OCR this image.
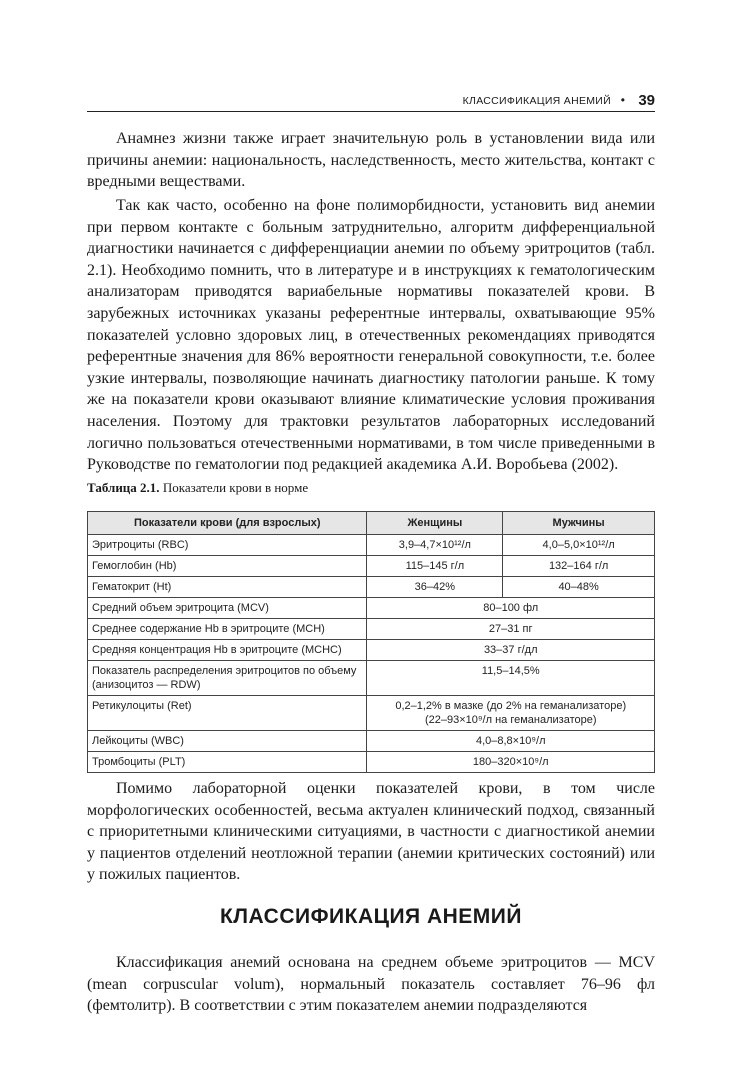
КЛАССИФИКАЦИЯ АНЕМИЙ • 39

Анамнез жизни также играет значительную роль в установлении вида или причины анемии: национальность, наследственность, место жительства, контакт с вредными веществами.

Так как часто, особенно на фоне полиморбидности, установить вид анемии при первом контакте с больным затруднительно, алгоритм дифференциальной диагностики начинается с дифференциации анемии по объему эритроцитов (табл. 2.1). Необходимо помнить, что в литературе и в инструкциях к гематологическим анализаторам приводятся вариабельные нормативы показателей крови. В зарубежных источниках указаны референтные интервалы, охватывающие 95% показателей условно здоровых лиц, в отечественных рекомендациях приводятся референтные значения для 86% вероятности генеральной совокупности, т.е. более узкие интервалы, позволяющие начинать диагностику патологии раньше. К тому же на показатели крови оказывают влияние климатические условия проживания населения. Поэтому для трактовки результатов лабораторных исследований логично пользоваться отечественными нормативами, в том числе приведенными в Руководстве по гематологии под редакцией академика А.И. Воробьева (2002).

Таблица 2.1. Показатели крови в норме
Показатели крови (для взрослых)	Женщины	Мужчины
Эритроциты (RBC)	3,9–4,7×10¹²/л	4,0–5,0×10¹²/л
Гемоглобин (Hb)	115–145 г/л	132–164 г/л
Гематокрит (Ht)	36–42%	40–48%
Средний объем эритроцита (MCV)	80–100 фл	
Среднее содержание Hb в эритроците (MCH)	27–31 пг	
Средняя концентрация Hb в эритроците (MCHC)	33–37 г/дл	

Показатель распределения эритроцитов по объему
(анизоцитоз — RDW)	11,5–14,5%	
Ретикулоциты (Ret)	0,2–1,2% в мазке (до 2% на геманализаторе)
(22–93×10⁹/л на геманализаторе)	

Лейкоциты (WBC)	4,0–8,8×10⁹/л	
Тромбоциты (PLT)	180–320×10⁹/л	

Помимо лабораторной оценки показателей крови, в том числе морфологических особенностей, весьма актуален клинический подход, связанный с приоритетными клиническими ситуациями, в частности с диагностикой анемии у пациентов отделений неотложной терапии (анемии критических состояний) или у пожилых пациентов.

КЛАССИФИКАЦИЯ АНЕМИЙ

Классификация анемий основана на среднем объеме эритроцитов — MCV (mean corpuscular volum), нормальный показатель составляет 76–96 фл (фемтолитр). В соответствии с этим показателем анемии подразделяются
